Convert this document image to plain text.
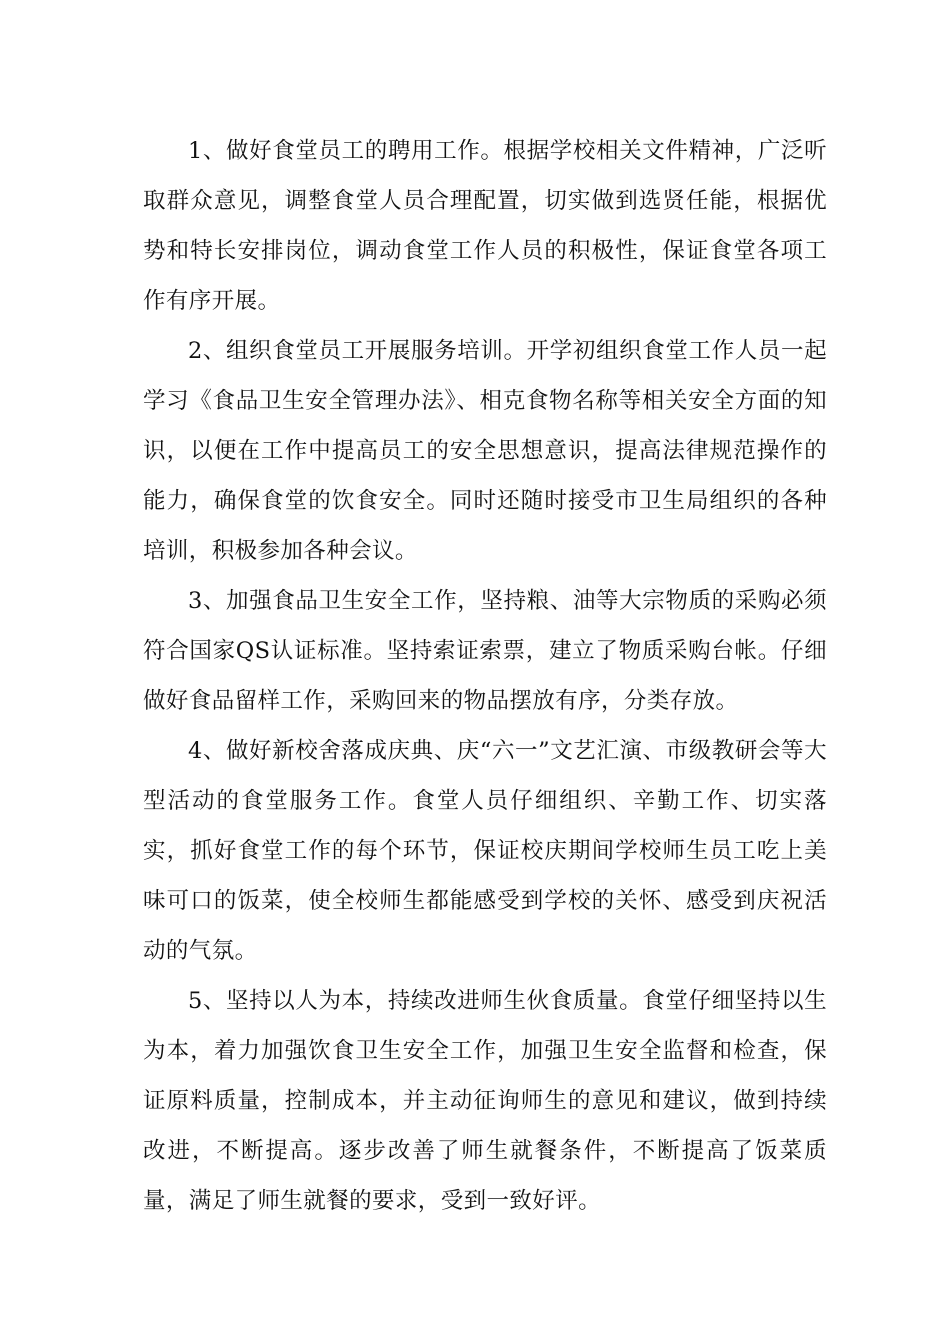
1、做好食堂员工的聘用工作。根据学校相关文件精神，广泛听取群众意见，调整食堂人员合理配置，切实做到选贤任能，根据优势和特长安排岗位，调动食堂工作人员的积极性，保证食堂各项工作有序开展。

2、组织食堂员工开展服务培训。开学初组织食堂工作人员一起学习《食品卫生安全管理办法》、相克食物名称等相关安全方面的知识，以便在工作中提高员工的安全思想意识，提高法律规范操作的能力，确保食堂的饮食安全。同时还随时接受市卫生局组织的各种培训，积极参加各种会议。

3、加强食品卫生安全工作，坚持粮、油等大宗物质的采购必须符合国家QS认证标准。坚持索证索票，建立了物质采购台帐。仔细做好食品留样工作，采购回来的物品摆放有序，分类存放。

4、做好新校舍落成庆典、庆“六一”文艺汇演、市级教研会等大型活动的食堂服务工作。食堂人员仔细组织、辛勤工作、切实落实，抓好食堂工作的每个环节，保证校庆期间学校师生员工吃上美味可口的饭菜，使全校师生都能感受到学校的关怀、感受到庆祝活动的气氛。

5、坚持以人为本，持续改进师生伙食质量。食堂仔细坚持以生为本，着力加强饮食卫生安全工作，加强卫生安全监督和检查，保证原料质量，控制成本，并主动征询师生的意见和建议，做到持续改进，不断提高。逐步改善了师生就餐条件，不断提高了饭菜质量，满足了师生就餐的要求，受到一致好评。
